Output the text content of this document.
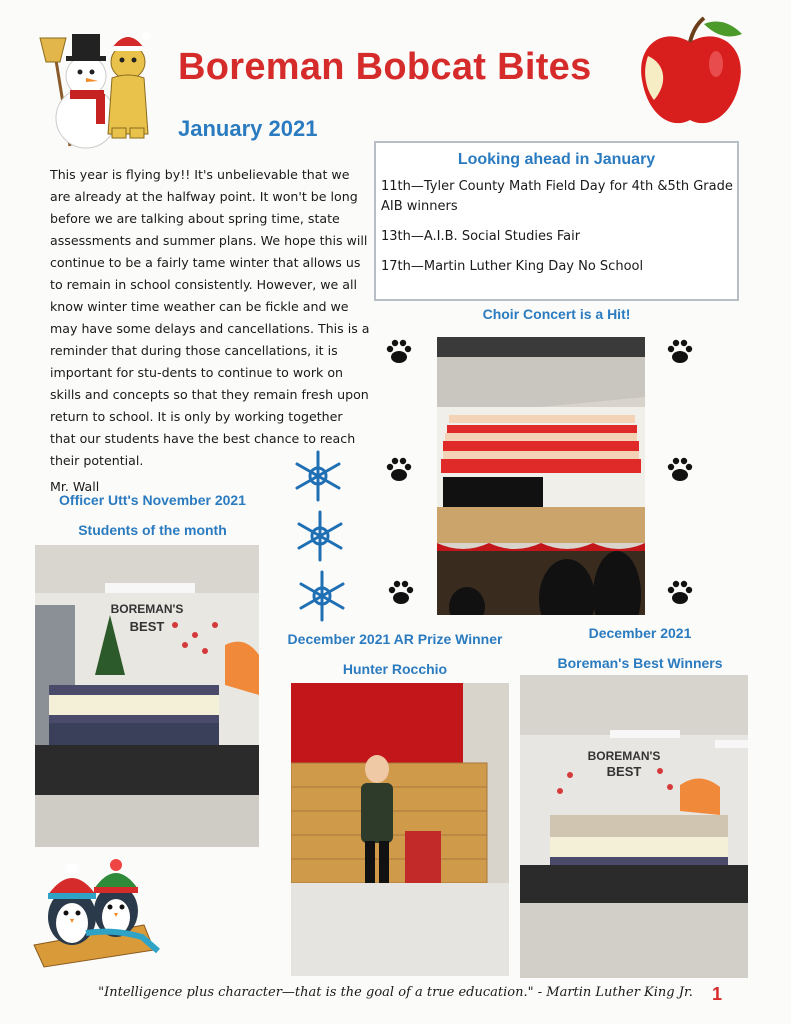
Boreman Bobcat Bites
January 2021
This year is flying by!! It's unbelievable that we are already at the halfway point. It won't be long before we are talking about spring time, state assessments and summer plans. We hope this will continue to be a fairly tame winter that allows us to remain in school consistently. However, we all know winter time weather can be fickle and we may have some delays and cancellations. This is a reminder that during those cancellations, it is important for stu-dents to continue to work on skills and concepts so that they remain fresh upon return to school. It is only by working together that our students have the best chance to reach their potential.
Mr. Wall
Looking ahead in January
11th—Tyler County Math Field Day for 4th &5th Grade AIB winners
13th—A.I.B. Social Studies Fair
17th—Martin Luther King Day No School
Choir Concert is a Hit!
Officer Utt's November 2021
Students of the month
BOREMAN'S
BEST
December 2021 AR Prize Winner
Hunter Rocchio
December 2021
Boreman's Best Winners
BOREMAN'S
BEST
"Intelligence plus character—that is the goal of a true education." - Martin Luther King Jr.	1
